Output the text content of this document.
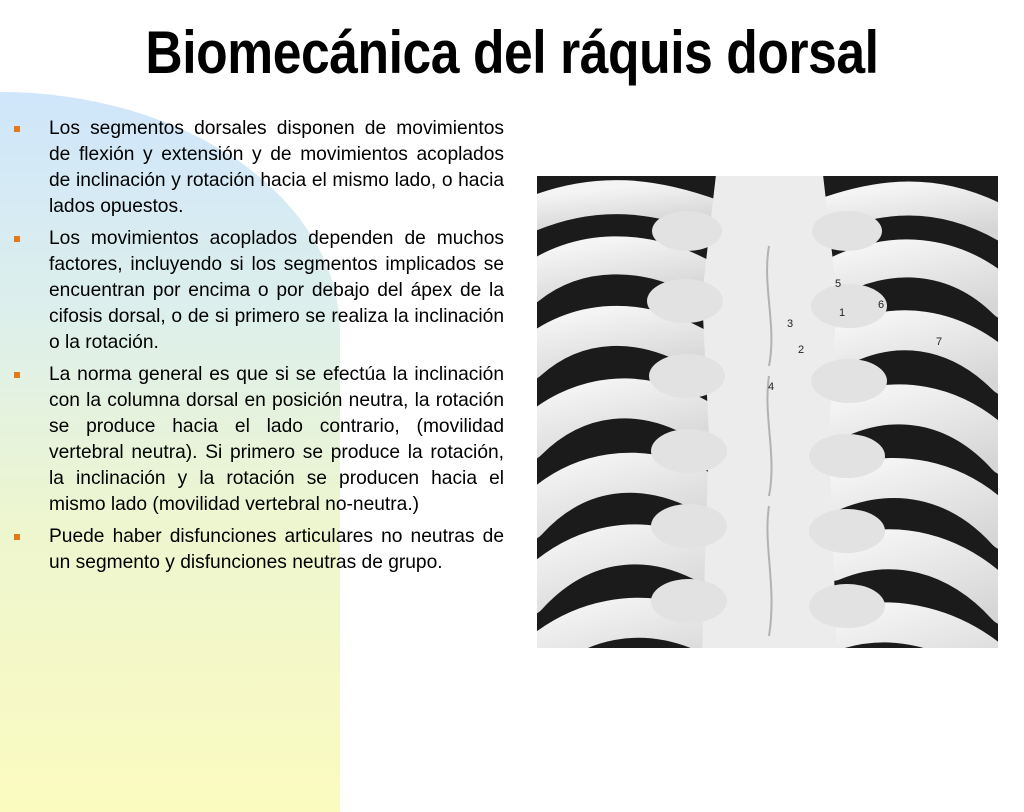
Biomecánica del ráquis dorsal
Los segmentos dorsales disponen de movimientos de flexión y extensión y de movimientos acoplados de inclinación y rotación hacia el mismo lado, o hacia lados opuestos.
Los movimientos acoplados dependen de muchos factores, incluyendo si los segmentos implicados se encuentran por encima o por debajo del ápex de la cifosis dorsal, o de si primero se realiza la inclinación o la rotación.
La norma general es que si se efectúa la inclinación con la columna dorsal en posición neutra, la rotación se produce hacia el lado contrario, (movilidad vertebral neutra). Si primero se produce la rotación, la inclinación y la rotación se producen hacia el mismo lado (movilidad vertebral no-neutra.)
Puede haber disfunciones articulares no neutras de un segmento y disfunciones neutras de grupo.
5
1
6
3
2
7
4
